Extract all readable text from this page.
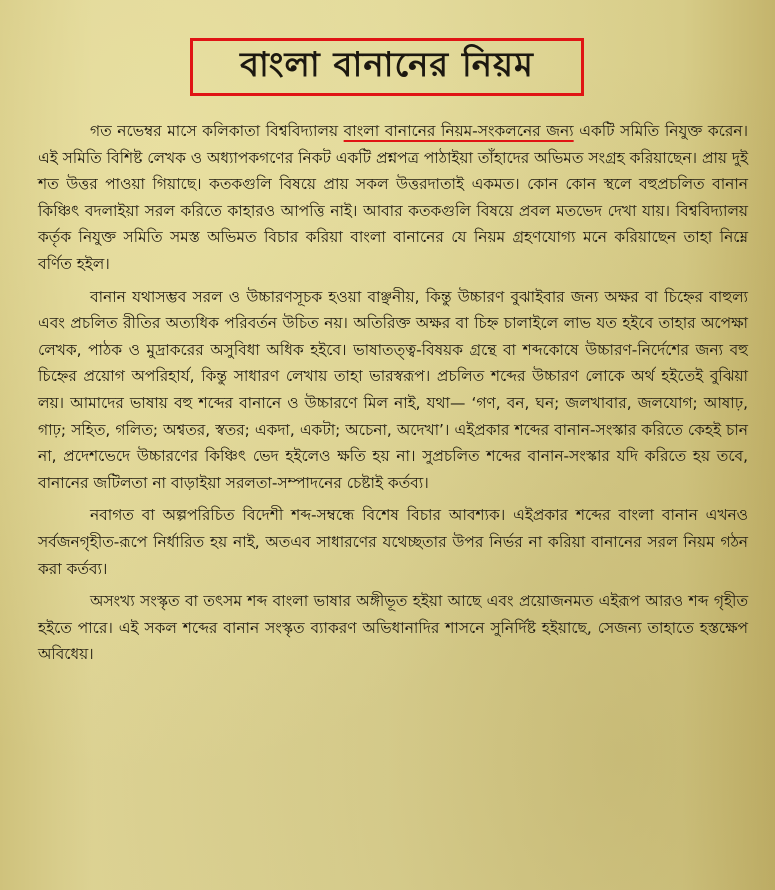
বাংলা বানানের নিয়ম

গত নভেম্বর মাসে কলিকাতা বিশ্ববিদ্যালয় বাংলা বানানের নিয়ম-সংকলনের জন্য একটি সমিতি নিযুক্ত করেন। এই সমিতি বিশিষ্ট লেখক ও অধ্যাপকগণের নিকট একটি প্রশ্নপত্র পাঠাইয়া তাঁহাদের অভিমত সংগ্রহ করিয়াছেন। প্রায় দুই শত উত্তর পাওয়া গিয়াছে। কতকগুলি বিষয়ে প্রায় সকল উত্তরদাতাই একমত। কোন কোন স্থলে বহুপ্রচলিত বানান কিঞ্চিৎ বদলাইয়া সরল করিতে কাহারও আপত্তি নাই। আবার কতকগুলি বিষয়ে প্রবল মতভেদ দেখা যায়। বিশ্ববিদ্যালয় কর্তৃক নিযুক্ত সমিতি সমস্ত অভিমত বিচার করিয়া বাংলা বানানের যে নিয়ম গ্রহণযোগ্য মনে করিয়াছেন তাহা নিম্নে বর্ণিত হইল।

বানান যথাসম্ভব সরল ও উচ্চারণসূচক হওয়া বাঞ্ছনীয়, কিন্তু উচ্চারণ বুঝাইবার জন্য অক্ষর বা চিহ্নের বাহুল্য এবং প্রচলিত রীতির অত্যধিক পরিবর্তন উচিত নয়। অতিরিক্ত অক্ষর বা চিহ্ন চালাইলে লাভ যত হইবে তাহার অপেক্ষা লেখক, পাঠক ও মুদ্রাকরের অসুবিধা অধিক হইবে। ভাষাতত্ত্ব-বিষয়ক গ্রন্থে বা শব্দকোষে উচ্চারণ-নির্দেশের জন্য বহু চিহ্নের প্রয়োগ অপরিহার্য, কিন্তু সাধারণ লেখায় তাহা ভারস্বরূপ। প্রচলিত শব্দের উচ্চারণ লোকে অর্থ হইতেই বুঝিয়া লয়। আমাদের ভাষায় বহু শব্দের বানানে ও উচ্চারণে মিল নাই, যথা— ‘গণ, বন, ঘন; জলখাবার, জলযোগ; আষাঢ়, গাঢ়; সহিত, গলিত; অশ্বতর, স্বতর; একদা, একটা; অচেনা, অদেখা’। এইপ্রকার শব্দের বানান-সংস্কার করিতে কেহই চান না, প্রদেশভেদে উচ্চারণের কিঞ্চিৎ ভেদ হইলেও ক্ষতি হয় না। সুপ্রচলিত শব্দের বানান-সংস্কার যদি করিতে হয় তবে, বানানের জটিলতা না বাড়াইয়া সরলতা-সম্পাদনের চেষ্টাই কর্তব্য।

নবাগত বা অল্পপরিচিত বিদেশী শব্দ-সম্বন্ধে বিশেষ বিচার আবশ্যক। এইপ্রকার শব্দের বাংলা বানান এখনও সর্বজনগৃহীত-রূপে নির্ধারিত হয় নাই, অতএব সাধারণের যথেচ্ছতার উপর নির্ভর না করিয়া বানানের সরল নিয়ম গঠন করা কর্তব্য।

অসংখ্য সংস্কৃত বা তৎসম শব্দ বাংলা ভাষার অঙ্গীভূত হইয়া আছে এবং প্রয়োজনমত এইরূপ আরও শব্দ গৃহীত হইতে পারে। এই সকল শব্দের বানান সংস্কৃত ব্যাকরণ অভিধানাদির শাসনে সুনির্দিষ্ট হইয়াছে, সেজন্য তাহাতে হস্তক্ষেপ অবিধেয়।
